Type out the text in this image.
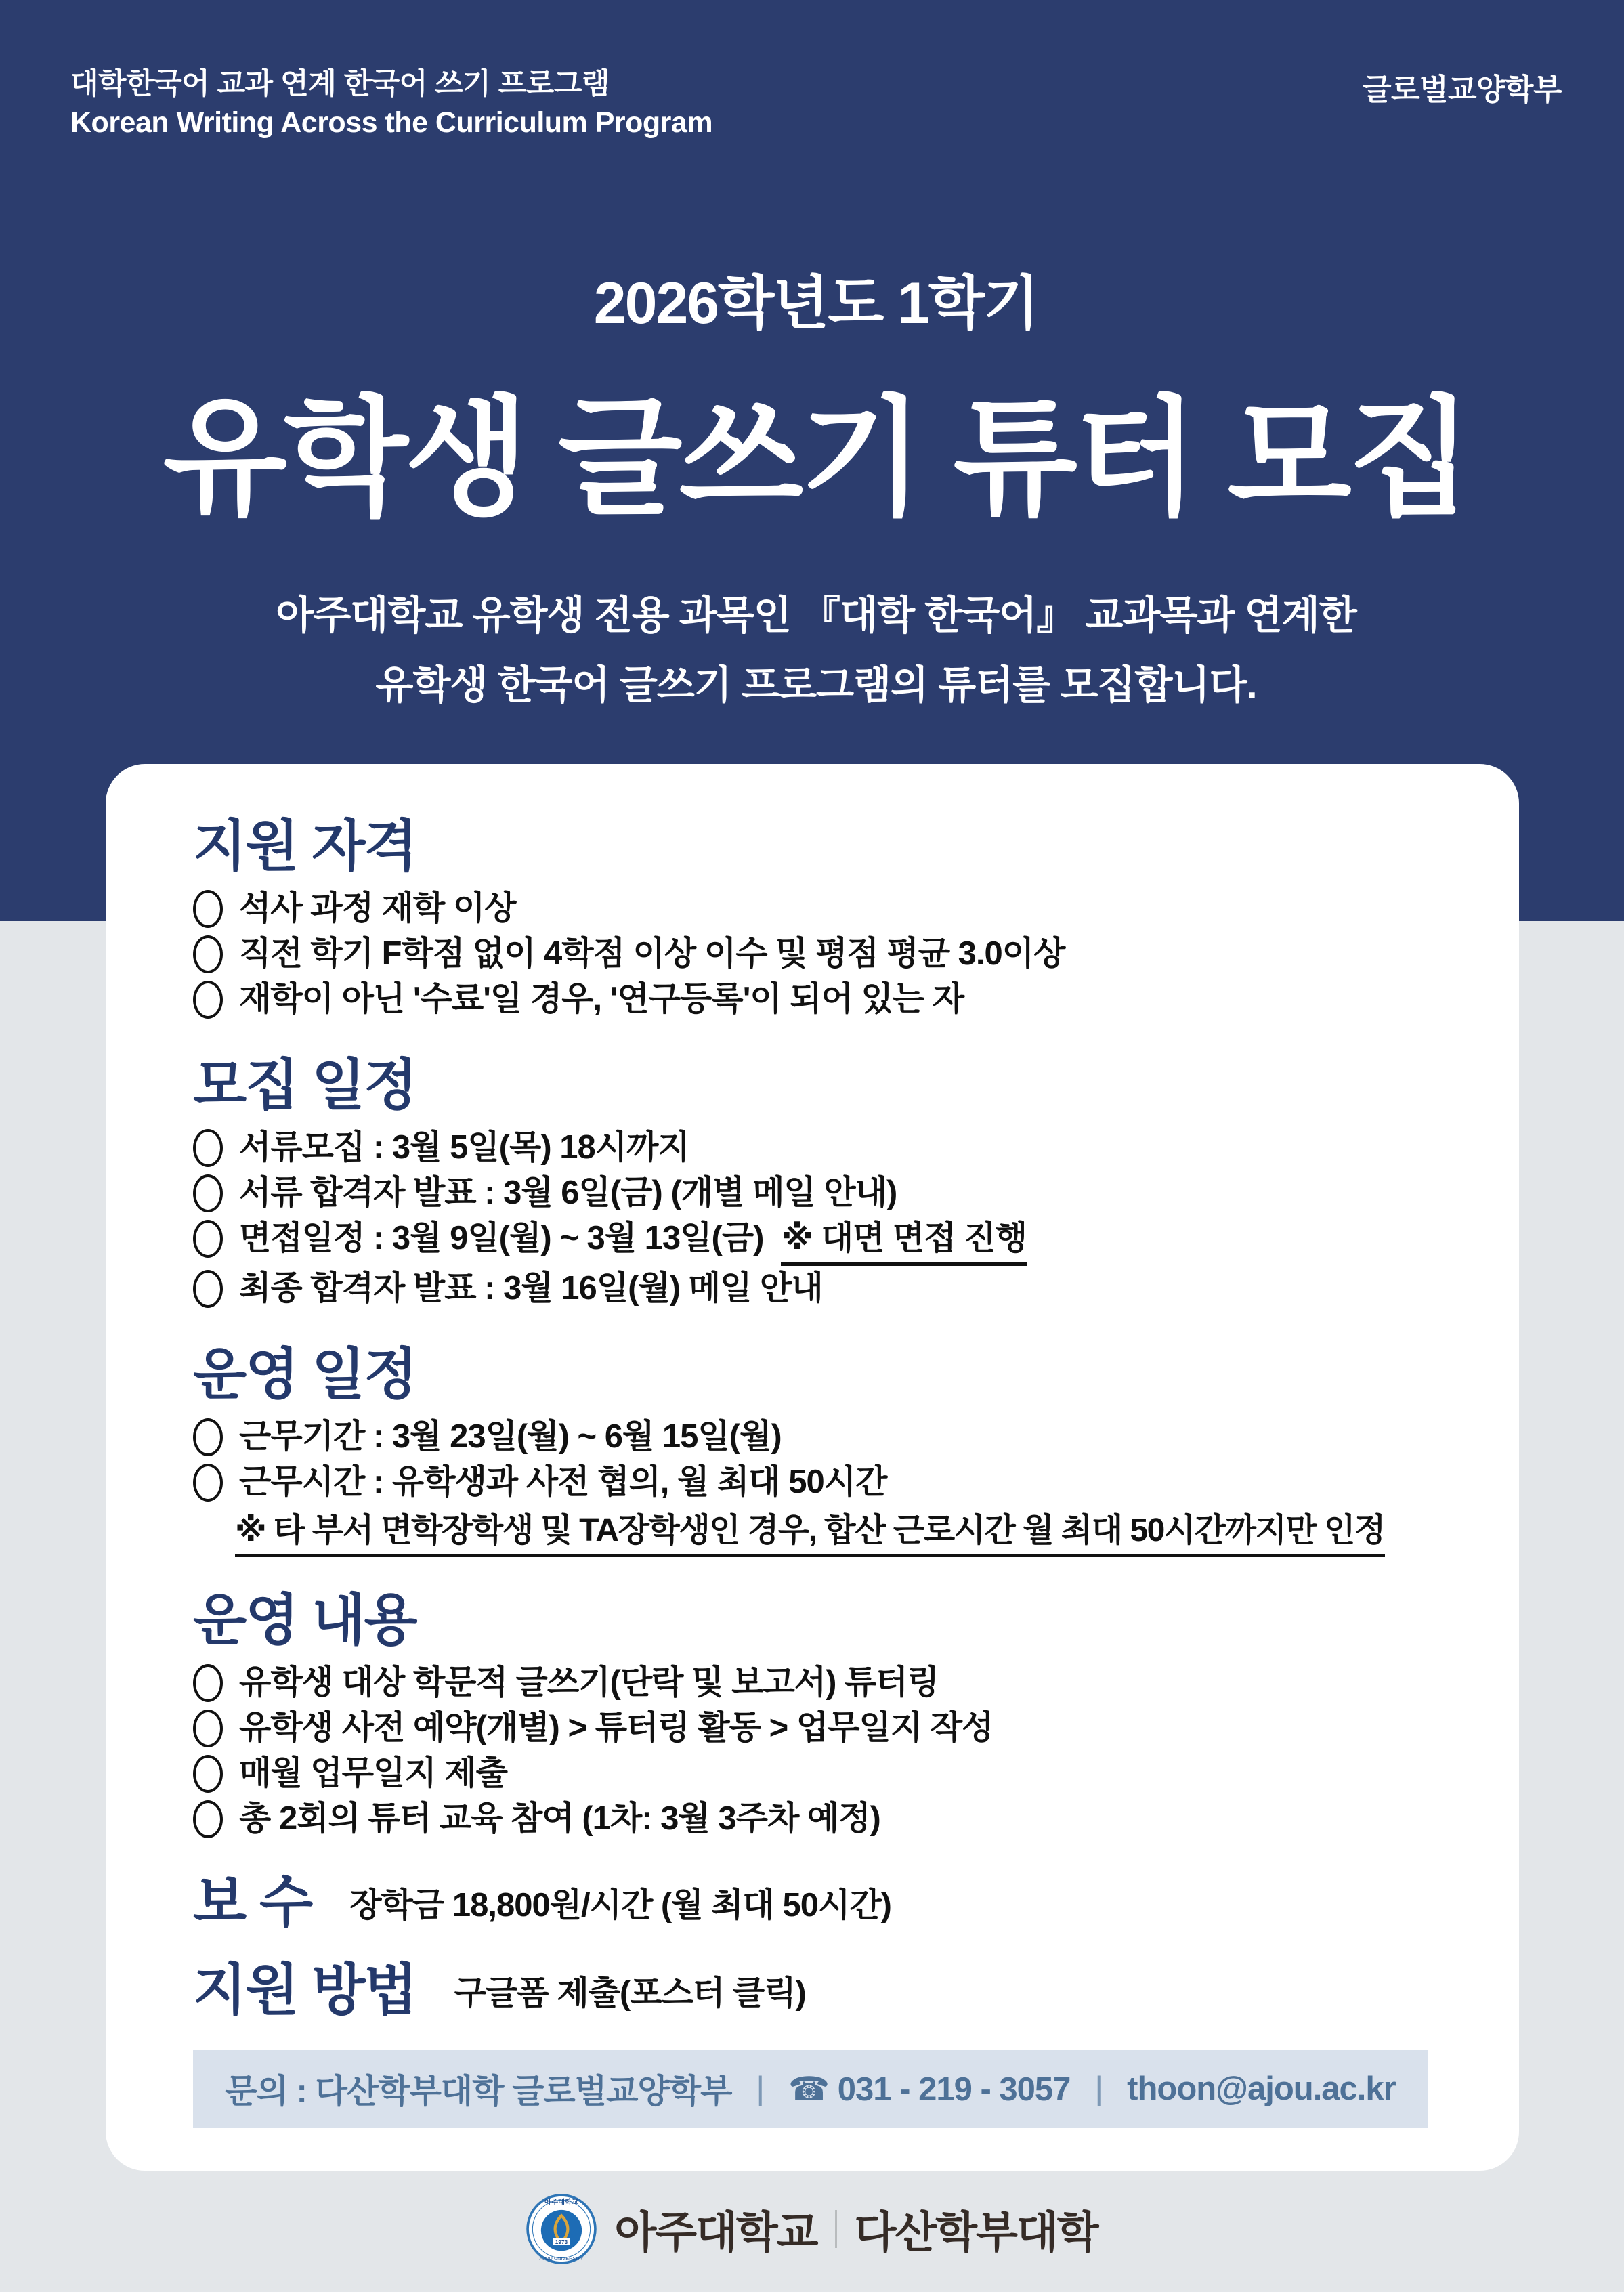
대학한국어 교과 연계 한국어 쓰기 프로그램
Korean Writing Across the Curriculum Program
글로벌교양학부
2026학년도 1학기
유학생 글쓰기 튜터 모집
아주대학교 유학생 전용 과목인 『대학 한국어』 교과목과 연계한
유학생 한국어 글쓰기 프로그램의 튜터를 모집합니다.
지원 자격
석사 과정 재학 이상
직전 학기 F학점 없이 4학점 이상 이수 및 평점 평균 3.0이상
재학이 아닌 '수료'일 경우, '연구등록'이 되어 있는 자
모집 일정
서류모집 : 3월 5일(목) 18시까지
서류 합격자 발표 : 3월 6일(금) (개별 메일 안내)
면접일정 : 3월 9일(월) ~ 3월 13일(금) ※ 대면 면접 진행
최종 합격자 발표 : 3월 16일(월) 메일 안내
운영 일정
근무기간 : 3월 23일(월) ~ 6월 15일(월)
근무시간 : 유학생과 사전 협의, 월 최대 50시간
※ 타 부서 면학장학생 및 TA장학생인 경우, 합산 근로시간 월 최대 50시간까지만 인정
운영 내용
유학생 대상 학문적 글쓰기(단락 및 보고서) 튜터링
유학생 사전 예약(개별) > 튜터링 활동 > 업무일지 작성
매월 업무일지 제출
총 2회의 튜터 교육 참여 (1차: 3월 3주차 예정)
보 수 장학금 18,800원/시간 (월 최대 50시간)
지원 방법 구글폼 제출(포스터 클릭)
문의 : 다산학부대학 글로벌교양학부 | ☎ 031 - 219 - 3057 | thoon@ajou.ac.kr
아주대학교
1973
AJOU UNIVERSITY
아주대학교 다산학부대학
